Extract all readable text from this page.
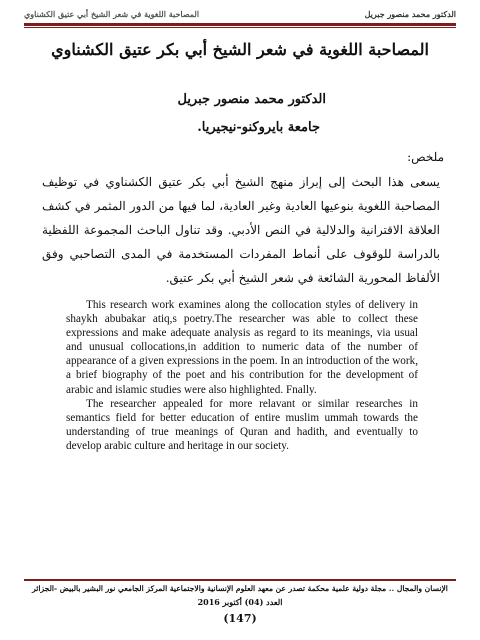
الدكتور محمد منصور جبريل
المصاحبة اللغوية في شعر الشيخ أبي عتيق الكشناوي
المصاحبة اللغوية في شعر الشيخ أبي بكر عتيق الكشناوي
الدكتور محمد منصور جبريل
جامعة بايروكنو-نيجيريا.
ملخص:
يسعى هذا البحث إلى إبراز منهج الشيخ أبي بكر عتيق الكشناوي في توظيف المصاحبة اللغوية بنوعيها العادية وغير العادية، لما فيها من الدور المثمر في كشف العلاقة الاقترانية والدلالية في النص الأدبي. وقد تناول الباحث المجموعة اللفظية بالدراسة للوقوف على أنماط المفردات المستخدمة في المدى التصاحبي وفق الألفاظ المحورية الشائعة في شعر الشيخ أبي بكر عتيق.

This research work examines along the collocation styles of delivery in shaykh abubakar atiq,s poetry.The researcher was able to collect these expressions and make adequate analysis as regard to its meanings, via usual and unusual collocations,in addition to numeric data of the number of appearance of a given expressions in the poem. In an introduction of the work, a brief biography of the poet and his contribution for the development of arabic and islamic studies were also highlighted. Fnally.

The researcher appealed for more relavant or similar researches in semantics field for better education of entire muslim ummah towards the understanding of true meanings of Quran and hadith, and eventually to develop arabic culture and heritage in our society.

الإنسان والمجال .. مجلة دولية علمية محكمة تصدر عن معهد العلوم الإنسانية والاجتماعية المركز الجامعي نور البشير بالبيض -الجزائر
العدد (04) أكتوبر 2016
(147)
